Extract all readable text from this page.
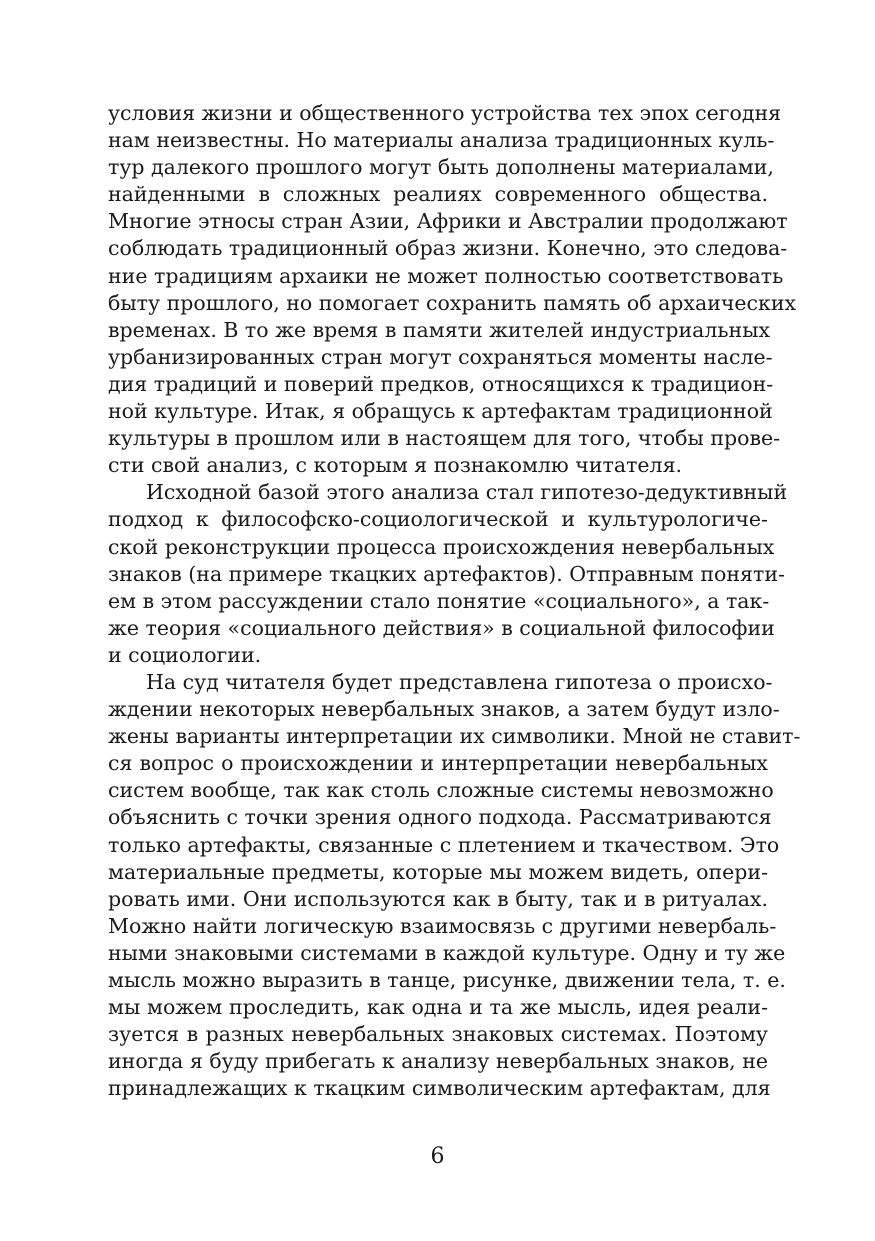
условия жизни и общественного устройства тех эпох сегодня
нам неизвестны. Но материалы анализа традиционных куль-
тур далекого прошлого могут быть дополнены материалами,
найденными в сложных реалиях современного общества.
Многие этносы стран Азии, Африки и Австралии продолжают
соблюдать традиционный образ жизни. Конечно, это следова-
ние традициям архаики не может полностью соответствовать
быту прошлого, но помогает сохранить память об архаических
временах. В то же время в памяти жителей индустриальных
урбанизированных стран могут сохраняться моменты насле-
дия традиций и поверий предков, относящихся к традицион-
ной культуре. Итак, я обращусь к артефактам традиционной
культуры в прошлом или в настоящем для того, чтобы прове-
сти свой анализ, с которым я познакомлю читателя.
Исходной базой этого анализа стал гипотезо-дедуктивный
подход к философско-социологической и культурологиче-
ской реконструкции процесса происхождения невербальных
знаков (на примере ткацких артефактов). Отправным поняти-
ем в этом рассуждении стало понятие «социального», а так-
же теория «социального действия» в социальной философии
и социологии.
На суд читателя будет представлена гипотеза о происхо-
ждении некоторых невербальных знаков, а затем будут изло-
жены варианты интерпретации их символики. Мной не ставит-
ся вопрос о происхождении и интерпретации невербальных
систем вообще, так как столь сложные системы невозможно
объяснить с точки зрения одного подхода. Рассматриваются
только артефакты, связанные с плетением и ткачеством. Это
материальные предметы, которые мы можем видеть, опери-
ровать ими. Они используются как в быту, так и в ритуалах.
Можно найти логическую взаимосвязь с другими невербаль-
ными знаковыми системами в каждой культуре. Одну и ту же
мысль можно выразить в танце, рисунке, движении тела, т. е.
мы можем проследить, как одна и та же мысль, идея реали-
зуется в разных невербальных знаковых системах. Поэтому
иногда я буду прибегать к анализу невербальных знаков, не
принадлежащих к ткацким символическим артефактам, для
6
